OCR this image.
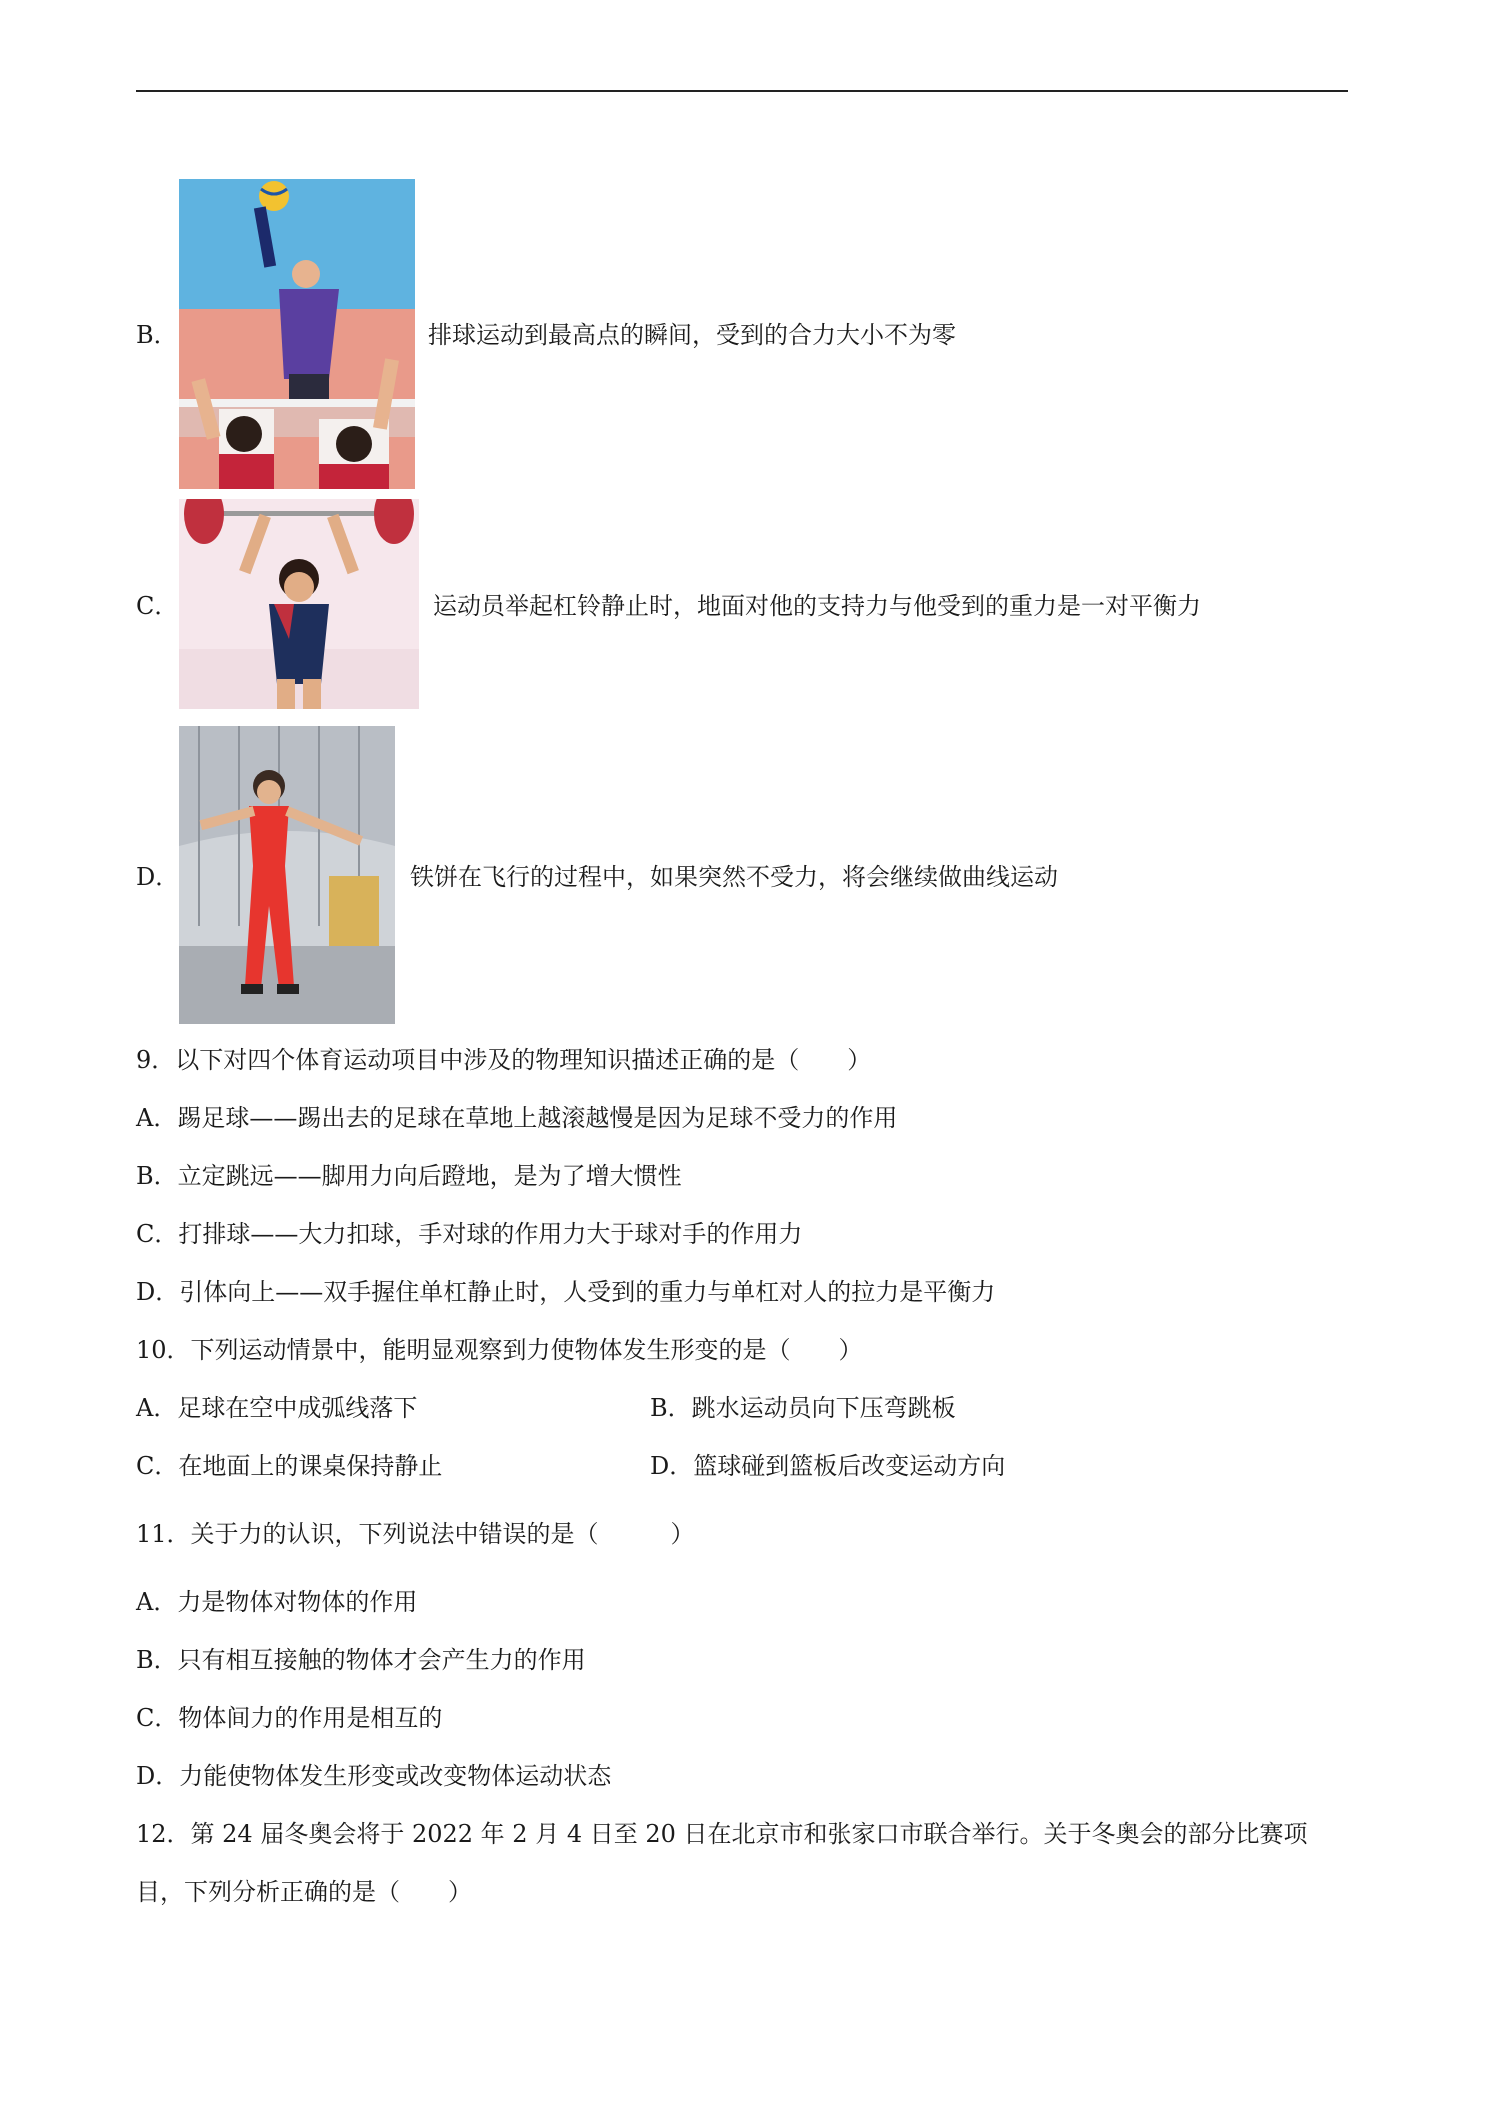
B．	排球运动到最高点的瞬间，受到的合力大小不为零
C．	运动员举起杠铃静止时，地面对他的支持力与他受到的重力是一对平衡力
D．	铁饼在飞行的过程中，如果突然不受力，将会继续做曲线运动
9．以下对四个体育运动项目中涉及的物理知识描述正确的是（　　）
A．踢足球——踢出去的足球在草地上越滚越慢是因为足球不受力的作用
B．立定跳远——脚用力向后蹬地，是为了增大惯性
C．打排球——大力扣球，手对球的作用力大于球对手的作用力
D．引体向上——双手握住单杠静止时，人受到的重力与单杠对人的拉力是平衡力
10．下列运动情景中，能明显观察到力使物体发生形变的是（　　）
A．足球在空中成弧线落下	B．跳水运动员向下压弯跳板
C．在地面上的课桌保持静止	D．篮球碰到篮板后改变运动方向
11．关于力的认识，下列说法中错误的是（　　　）
A．力是物体对物体的作用
B．只有相互接触的物体才会产生力的作用
C．物体间力的作用是相互的
D．力能使物体发生形变或改变物体运动状态
12．第 24 届冬奥会将于 2022 年 2 月 4 日至 20 日在北京市和张家口市联合举行。关于冬奥会的部分比赛项
目，下列分析正确的是（　　）
